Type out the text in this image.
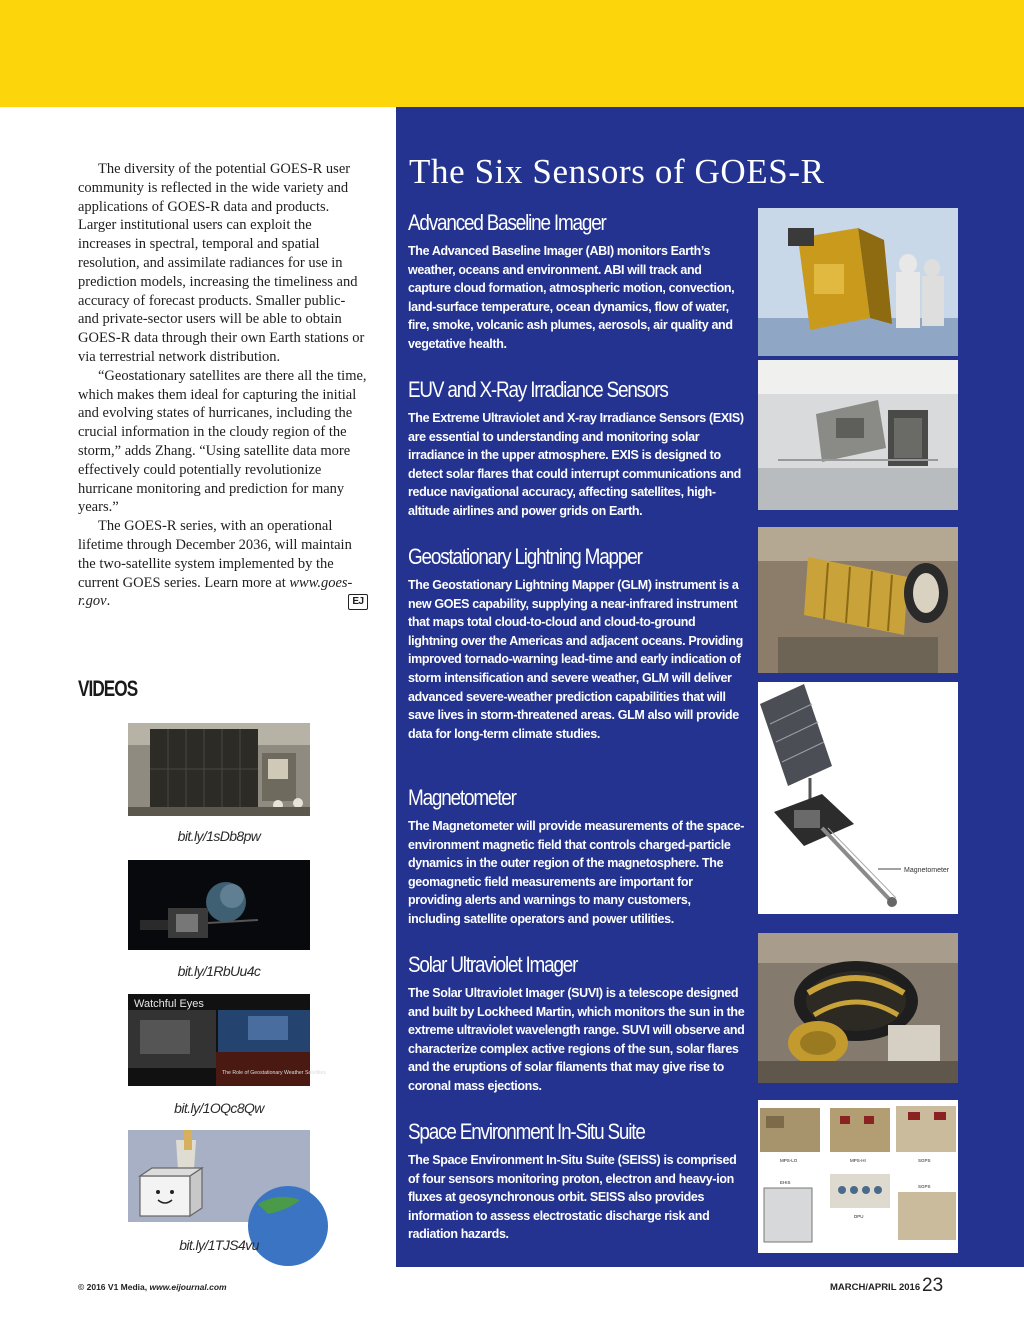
The diversity of the potential GOES-R user community is reflected in the wide variety and applications of GOES-R data and products. Larger institutional users can exploit the increases in spectral, temporal and spatial resolution, and assimilate radiances for use in prediction models, increasing the timeliness and accuracy of forecast products. Smaller public- and private-sector users will be able to obtain GOES-R data through their own Earth stations or via terrestrial network distribution.

“Geostationary satellites are there all the time, which makes them ideal for capturing the initial and evolving states of hurricanes, including the crucial information in the cloudy region of the storm,” adds Zhang. “Using satellite data more effectively could potentially revolutionize hurricane monitoring and prediction for many years.”

The GOES-R series, with an operational lifetime through December 2036, will maintain the two-satellite system implemented by the current GOES series. Learn more at www.goes-r.gov.	EJ

VIDEOS
bit.ly/1sDb8pw
bit.ly/1RbUu4c
Watchful Eyes
The Role of Geostationary Weather Satellites
bit.ly/1OQc8Qw
bit.ly/1TJS4vu
The Six Sensors of GOES-R
Advanced Baseline Imager
The Advanced Baseline Imager (ABI) monitors Earth’s weather, oceans and environment. ABI will track and capture cloud formation, atmospheric motion, convection, land-surface temperature, ocean dynamics, flow of water, fire, smoke, volcanic ash plumes, aerosols, air quality and vegetative health.
EUV and X-Ray Irradiance Sensors
The Extreme Ultraviolet and X-ray Irradiance Sensors (EXIS) are essential to understanding and monitoring solar irradiance in the upper atmosphere. EXIS is designed to detect solar flares that could interrupt communications and reduce navigational accuracy, affecting satellites, high-altitude airlines and power grids on Earth.
Geostationary Lightning Mapper
The Geostationary Lightning Mapper (GLM) instrument is a new GOES capability, supplying a near-infrared instrument that maps total cloud-to-cloud and cloud-to-ground lightning over the Americas and adjacent oceans. Providing improved tornado-warning lead-time and early indication of storm intensification and severe weather, GLM will deliver advanced severe-weather prediction capabilities that will save lives in storm-threatened areas. GLM also will provide data for long-term climate studies.
Magnetometer
The Magnetometer will provide measurements of the space-environment magnetic field that controls charged-particle dynamics in the outer region of the magnetosphere. The geomagnetic field measurements are important for providing alerts and warnings to many customers, including satellite operators and power utilities.
Solar Ultraviolet Imager
The Solar Ultraviolet Imager (SUVI) is a telescope designed and built by Lockheed Martin, which monitors the sun in the extreme ultraviolet wavelength range. SUVI will observe and characterize complex active regions of the sun, solar flares and the eruptions of solar filaments that may give rise to coronal mass ejections.
Space Environment In-Situ Suite
The Space Environment In-Situ Suite (SEISS) is comprised of four sensors monitoring proton, electron and heavy-ion fluxes at geosynchronous orbit. SEISS also provides information to assess electrostatic discharge risk and radiation hazards.
Magnetometer
MPS-LO	MPS-HI	SGPS
EHIS
DPU
SGPS
© 2016 V1 Media, www.eijournal.com	MARCH/APRIL 2016 23
